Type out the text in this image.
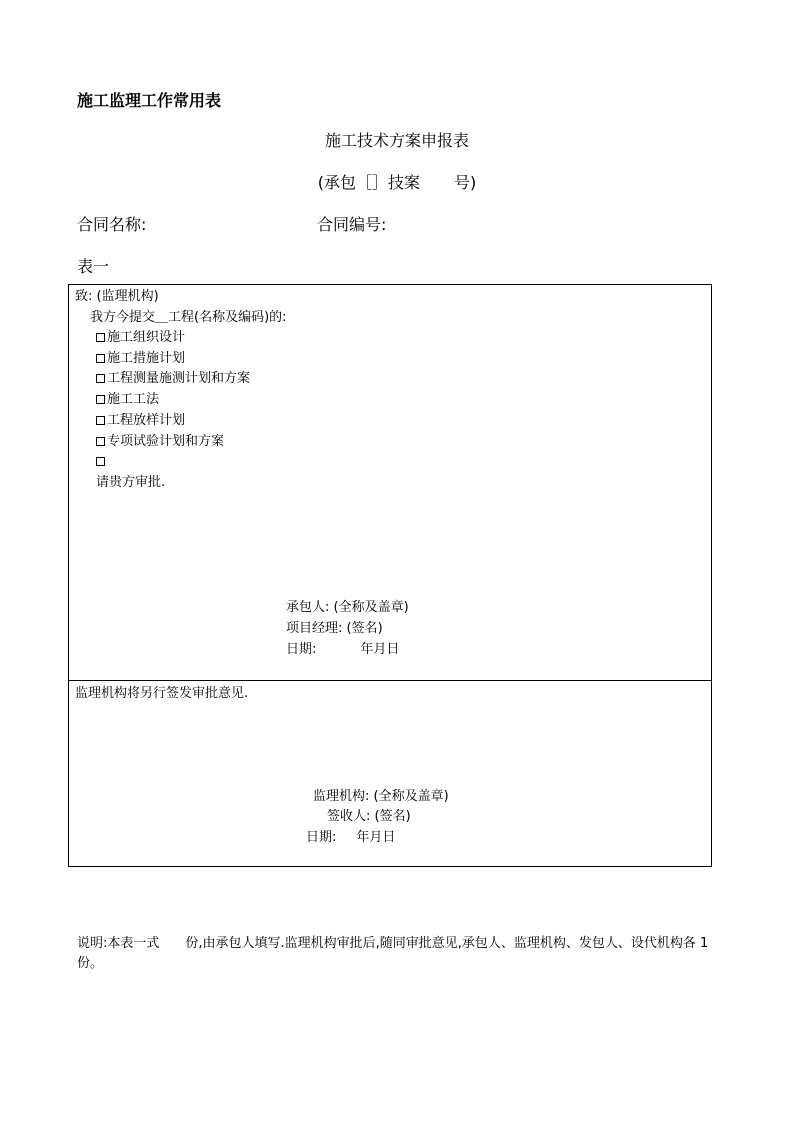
施工监理工作常用表
施工技术方案申报表
(承包［］技案 号)
合同名称:	合同编号:
表一
致: (监理机构)
我方今提交＿工程(名称及编码)的:
施工组织设计
施工措施计划
工程测量施测计划和方案
施工工法
工程放样计划
专项试验计划和方案
请贵方审批.
承包人: (全称及盖章)
项目经理: (签名)
日期:	年月日
监理机构将另行签发审批意见.
监理机构: (全称及盖章)
签收人: (签名)
日期: 年月日
说明:本表一式　　份,由承包人填写.监理机构审批后,随同审批意见,承包人、监理机构、发包人、设代机构各 1 份。
